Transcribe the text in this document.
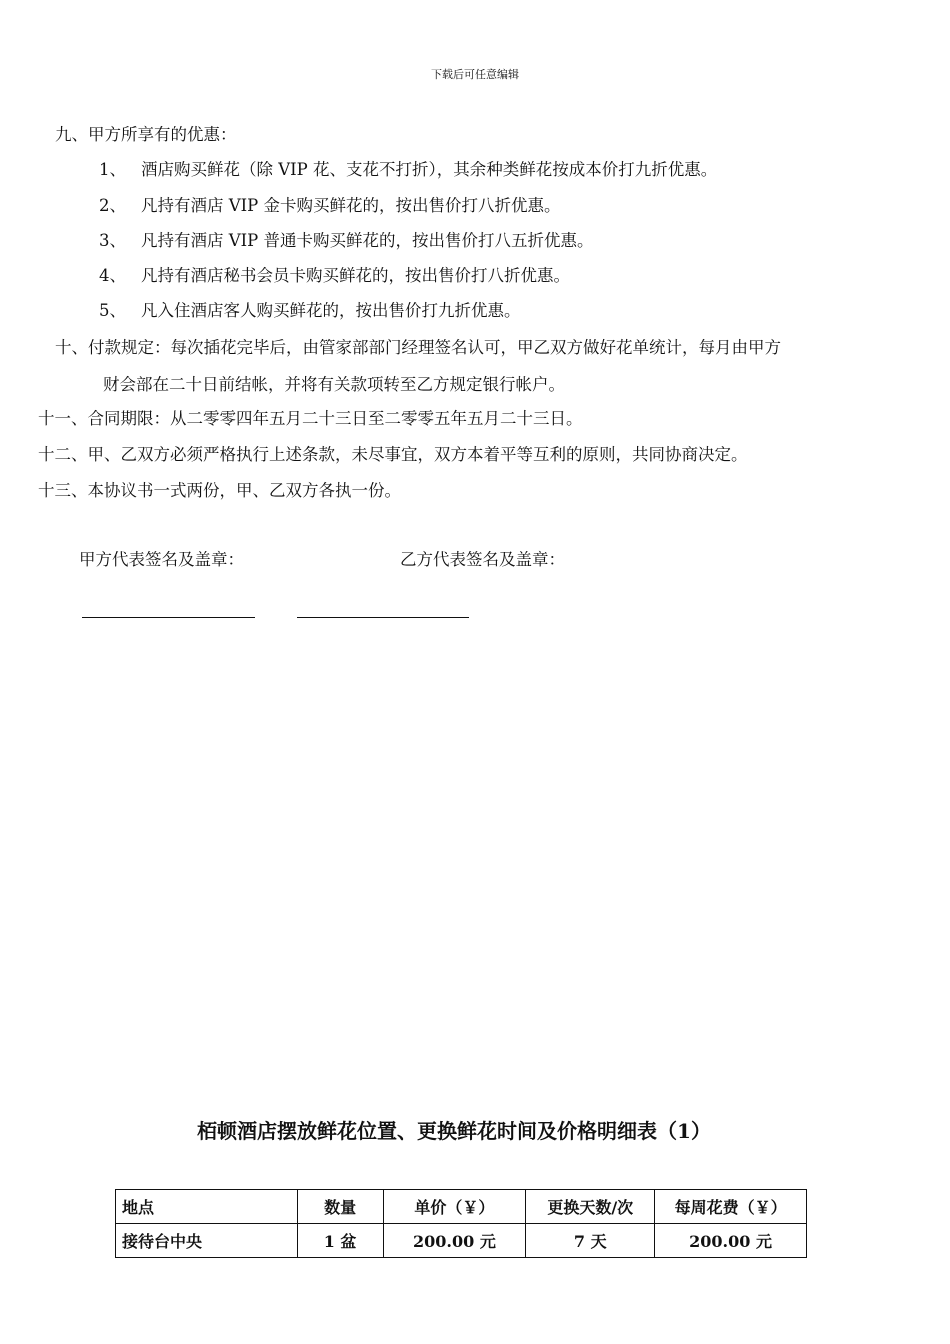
下载后可任意编辑
九、甲方所享有的优惠：
1、 酒店购买鲜花（除 VIP 花、支花不打折），其余种类鲜花按成本价打九折优惠。
2、 凡持有酒店 VIP 金卡购买鲜花的，按出售价打八折优惠。
3、 凡持有酒店 VIP 普通卡购买鲜花的，按出售价打八五折优惠。
4、 凡持有酒店秘书会员卡购买鲜花的，按出售价打八折优惠。
5、 凡入住酒店客人购买鲜花的，按出售价打九折优惠。
十、付款规定：每次插花完毕后，由管家部部门经理签名认可，甲乙双方做好花单统计，每月由甲方
财会部在二十日前结帐，并将有关款项转至乙方规定银行帐户。
十一、合同期限：从二零零四年五月二十三日至二零零五年五月二十三日。
十二、甲、乙双方必须严格执行上述条款，未尽事宜，双方本着平等互利的原则，共同协商决定。
十三、本协议书一式两份，甲、乙双方各执一份。
甲方代表签名及盖章：	乙方代表签名及盖章：
栢顿酒店摆放鲜花位置、更换鲜花时间及价格明细表（1）
地点	数量	单价（￥）	更换天数/次	每周花费（￥）
接待台中央	1 盆	200.00 元	7 天	200.00 元
